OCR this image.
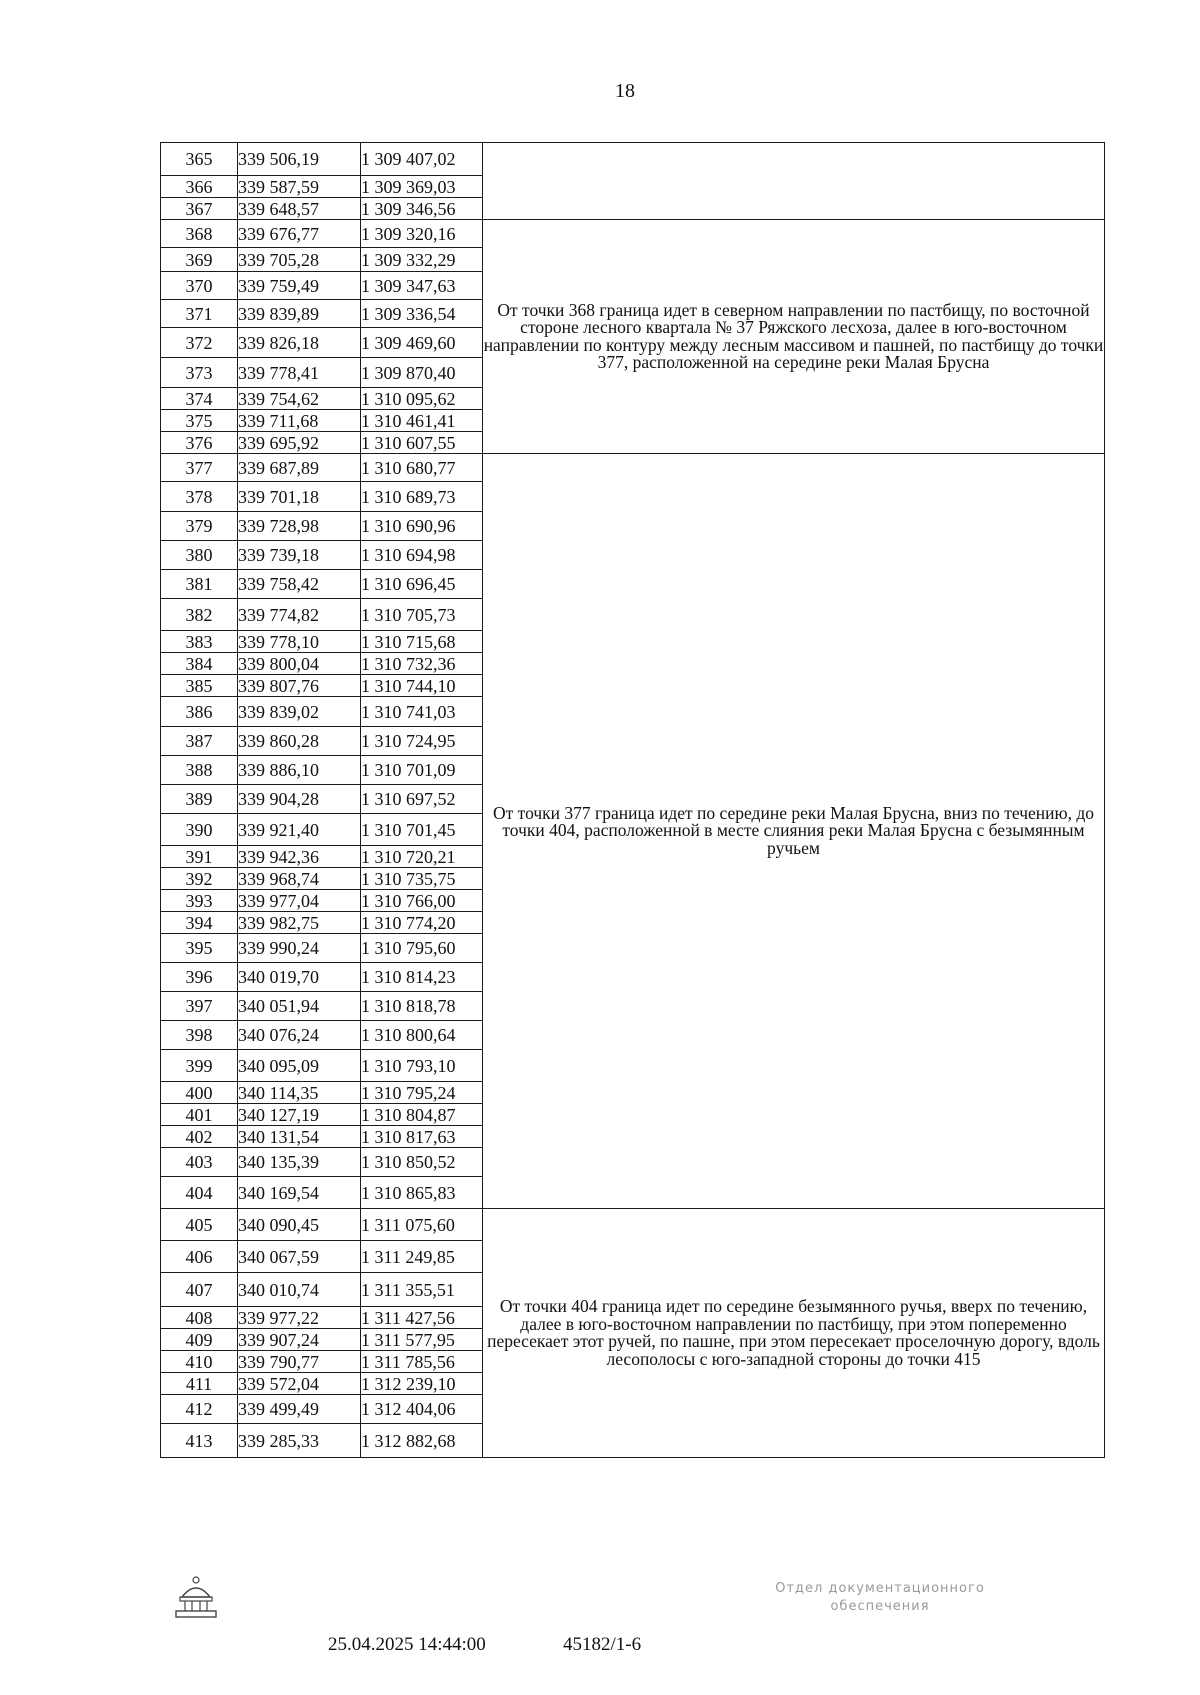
18
365	339 506,19	1 309 407,02	
366	339 587,59	1 309 369,03	
367	339 648,57	1 309 346,56	
368	339 676,77	1 309 320,16	От точки 368 граница идет в северном направлении по пастбищу, по восточной стороне лесного квартала № 37 Ряжского лесхоза, далее в юго-восточном направлении по контуру между лесным массивом и пашней, по пастбищу до точки 377, расположенной на середине реки Малая Брусна
369	339 705,28	1 309 332,29	
370	339 759,49	1 309 347,63	
371	339 839,89	1 309 336,54	
372	339 826,18	1 309 469,60	
373	339 778,41	1 309 870,40	
374	339 754,62	1 310 095,62	
375	339 711,68	1 310 461,41	
376	339 695,92	1 310 607,55	
377	339 687,89	1 310 680,77	От точки 377 граница идет по середине реки Малая Брусна, вниз по течению, до точки 404, расположенной в месте слияния реки Малая Брусна с безымянным ручьем
378	339 701,18	1 310 689,73	
379	339 728,98	1 310 690,96	
380	339 739,18	1 310 694,98	
381	339 758,42	1 310 696,45	
382	339 774,82	1 310 705,73	
383	339 778,10	1 310 715,68	
384	339 800,04	1 310 732,36	
385	339 807,76	1 310 744,10	
386	339 839,02	1 310 741,03	
387	339 860,28	1 310 724,95	
388	339 886,10	1 310 701,09	
389	339 904,28	1 310 697,52	
390	339 921,40	1 310 701,45	
391	339 942,36	1 310 720,21	
392	339 968,74	1 310 735,75	
393	339 977,04	1 310 766,00	
394	339 982,75	1 310 774,20	
395	339 990,24	1 310 795,60	
396	340 019,70	1 310 814,23	
397	340 051,94	1 310 818,78	
398	340 076,24	1 310 800,64	
399	340 095,09	1 310 793,10	
400	340 114,35	1 310 795,24	
401	340 127,19	1 310 804,87	
402	340 131,54	1 310 817,63	
403	340 135,39	1 310 850,52	
404	340 169,54	1 310 865,83	
405	340 090,45	1 311 075,60	От точки 404 граница идет по середине безымянного ручья, вверх по течению, далее в юго-восточном направлении по пастбищу, при этом попеременно пересекает этот ручей, по пашне, при этом пересекает проселочную дорогу, вдоль лесополосы с юго-западной стороны до точки 415
406	340 067,59	1 311 249,85	
407	340 010,74	1 311 355,51	
408	339 977,22	1 311 427,56	
409	339 907,24	1 311 577,95	
410	339 790,77	1 311 785,56	
411	339 572,04	1 312 239,10	
412	339 499,49	1 312 404,06	
413	339 285,33	1 312 882,68	
25.04.2025 14:44:00	45182/1-6
Отдел документационного
обеспечения
